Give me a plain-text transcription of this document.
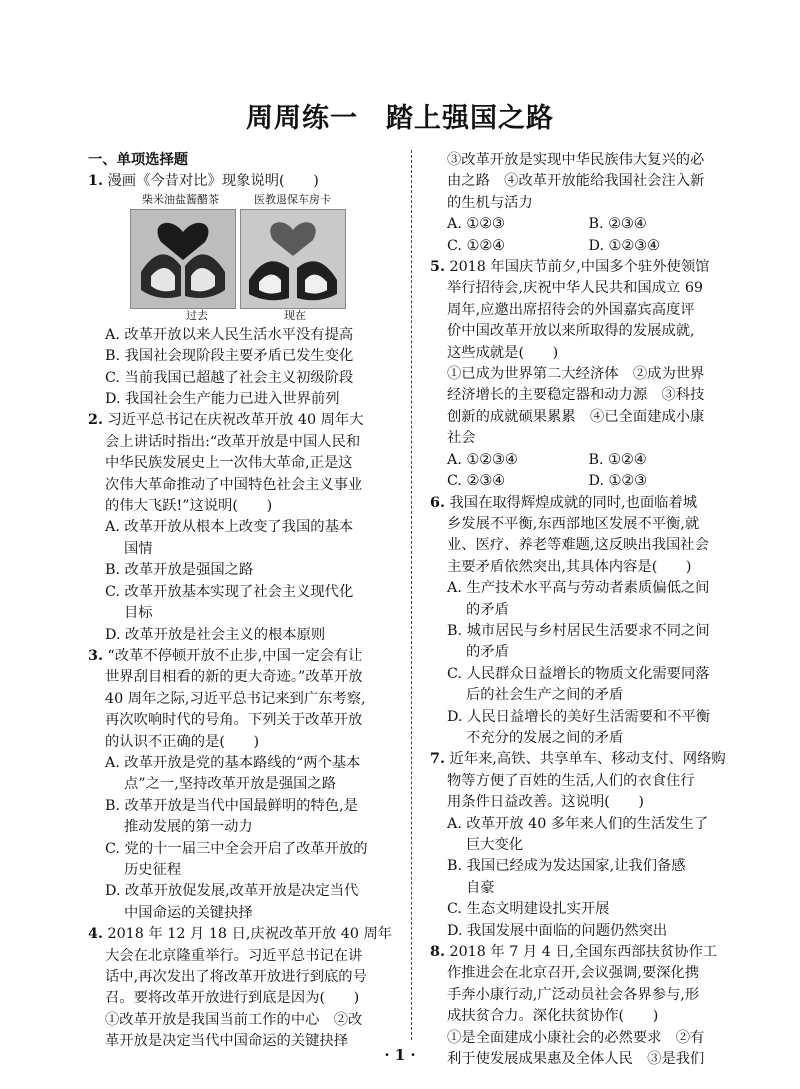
周周练一　踏上强国之路
一、单项选择题
1. 漫画《今昔对比》现象说明(　　)
柴米油盐酱醋茶	医教退保车房卡
过去	现在
A. 改革开放以来人民生活水平没有提高
B. 我国社会现阶段主要矛盾已发生变化
C. 当前我国已超越了社会主义初级阶段
D. 我国社会生产能力已进入世界前列
2. 习近平总书记在庆祝改革开放 40 周年大
会上讲话时指出:“改革开放是中国人民和
中华民族发展史上一次伟大革命,正是这
次伟大革命推动了中国特色社会主义事业
的伟大飞跃!”这说明(　　)
A. 改革开放从根本上改变了我国的基本
国情
B. 改革开放是强国之路
C. 改革开放基本实现了社会主义现代化
目标
D. 改革开放是社会主义的根本原则
3. “改革不停顿开放不止步,中国一定会有让
世界刮目相看的新的更大奇迹。”改革开放
40 周年之际,习近平总书记来到广东考察,
再次吹响时代的号角。下列关于改革开放
的认识不正确的是(　　)
A. 改革开放是党的基本路线的“两个基本
点”之一,坚持改革开放是强国之路
B. 改革开放是当代中国最鲜明的特色,是
推动发展的第一动力
C. 党的十一届三中全会开启了改革开放的
历史征程
D. 改革开放促发展,改革开放是决定当代
中国命运的关键抉择
4. 2018 年 12 月 18 日,庆祝改革开放 40 周年
大会在北京隆重举行。习近平总书记在讲
话中,再次发出了将改革开放进行到底的号
召。要将改革开放进行到底是因为(　　)
①改革开放是我国当前工作的中心　②改
革开放是决定当代中国命运的关键抉择
③改革开放是实现中华民族伟大复兴的必
由之路　④改革开放能给我国社会注入新
的生机与活力
A. ①②③	B. ②③④
C. ①②④	D. ①②③④
5. 2018 年国庆节前夕,中国多个驻外使领馆
举行招待会,庆祝中华人民共和国成立 69
周年,应邀出席招待会的外国嘉宾高度评
价中国改革开放以来所取得的发展成就,
这些成就是(　　)
①已成为世界第二大经济体　②成为世界
经济增长的主要稳定器和动力源　③科技
创新的成就硕果累累　④已全面建成小康
社会
A. ①②③④	B. ①②④
C. ②③④	D. ①②③
6. 我国在取得辉煌成就的同时,也面临着城
乡发展不平衡,东西部地区发展不平衡,就
业、医疗、养老等难题,这反映出我国社会
主要矛盾依然突出,其具体内容是(　　)
A. 生产技术水平高与劳动者素质偏低之间
的矛盾
B. 城市居民与乡村居民生活要求不同之间
的矛盾
C. 人民群众日益增长的物质文化需要同落
后的社会生产之间的矛盾
D. 人民日益增长的美好生活需要和不平衡
不充分的发展之间的矛盾
7. 近年来,高铁、共享单车、移动支付、网络购
物等方便了百姓的生活,人们的衣食住行
用条件日益改善。这说明(　　)
A. 改革开放 40 多年来人们的生活发生了
巨大变化
B. 我国已经成为发达国家,让我们备感
自豪
C. 生态文明建设扎实开展
D. 我国发展中面临的问题仍然突出
8. 2018 年 7 月 4 日,全国东西部扶贫协作工
作推进会在北京召开,会议强调,要深化携
手奔小康行动,广泛动员社会各界参与,形
成扶贫合力。深化扶贫协作(　　)
①是全面建成小康社会的必然要求　②有
利于使发展成果惠及全体人民　③是我们
· 1 ·
